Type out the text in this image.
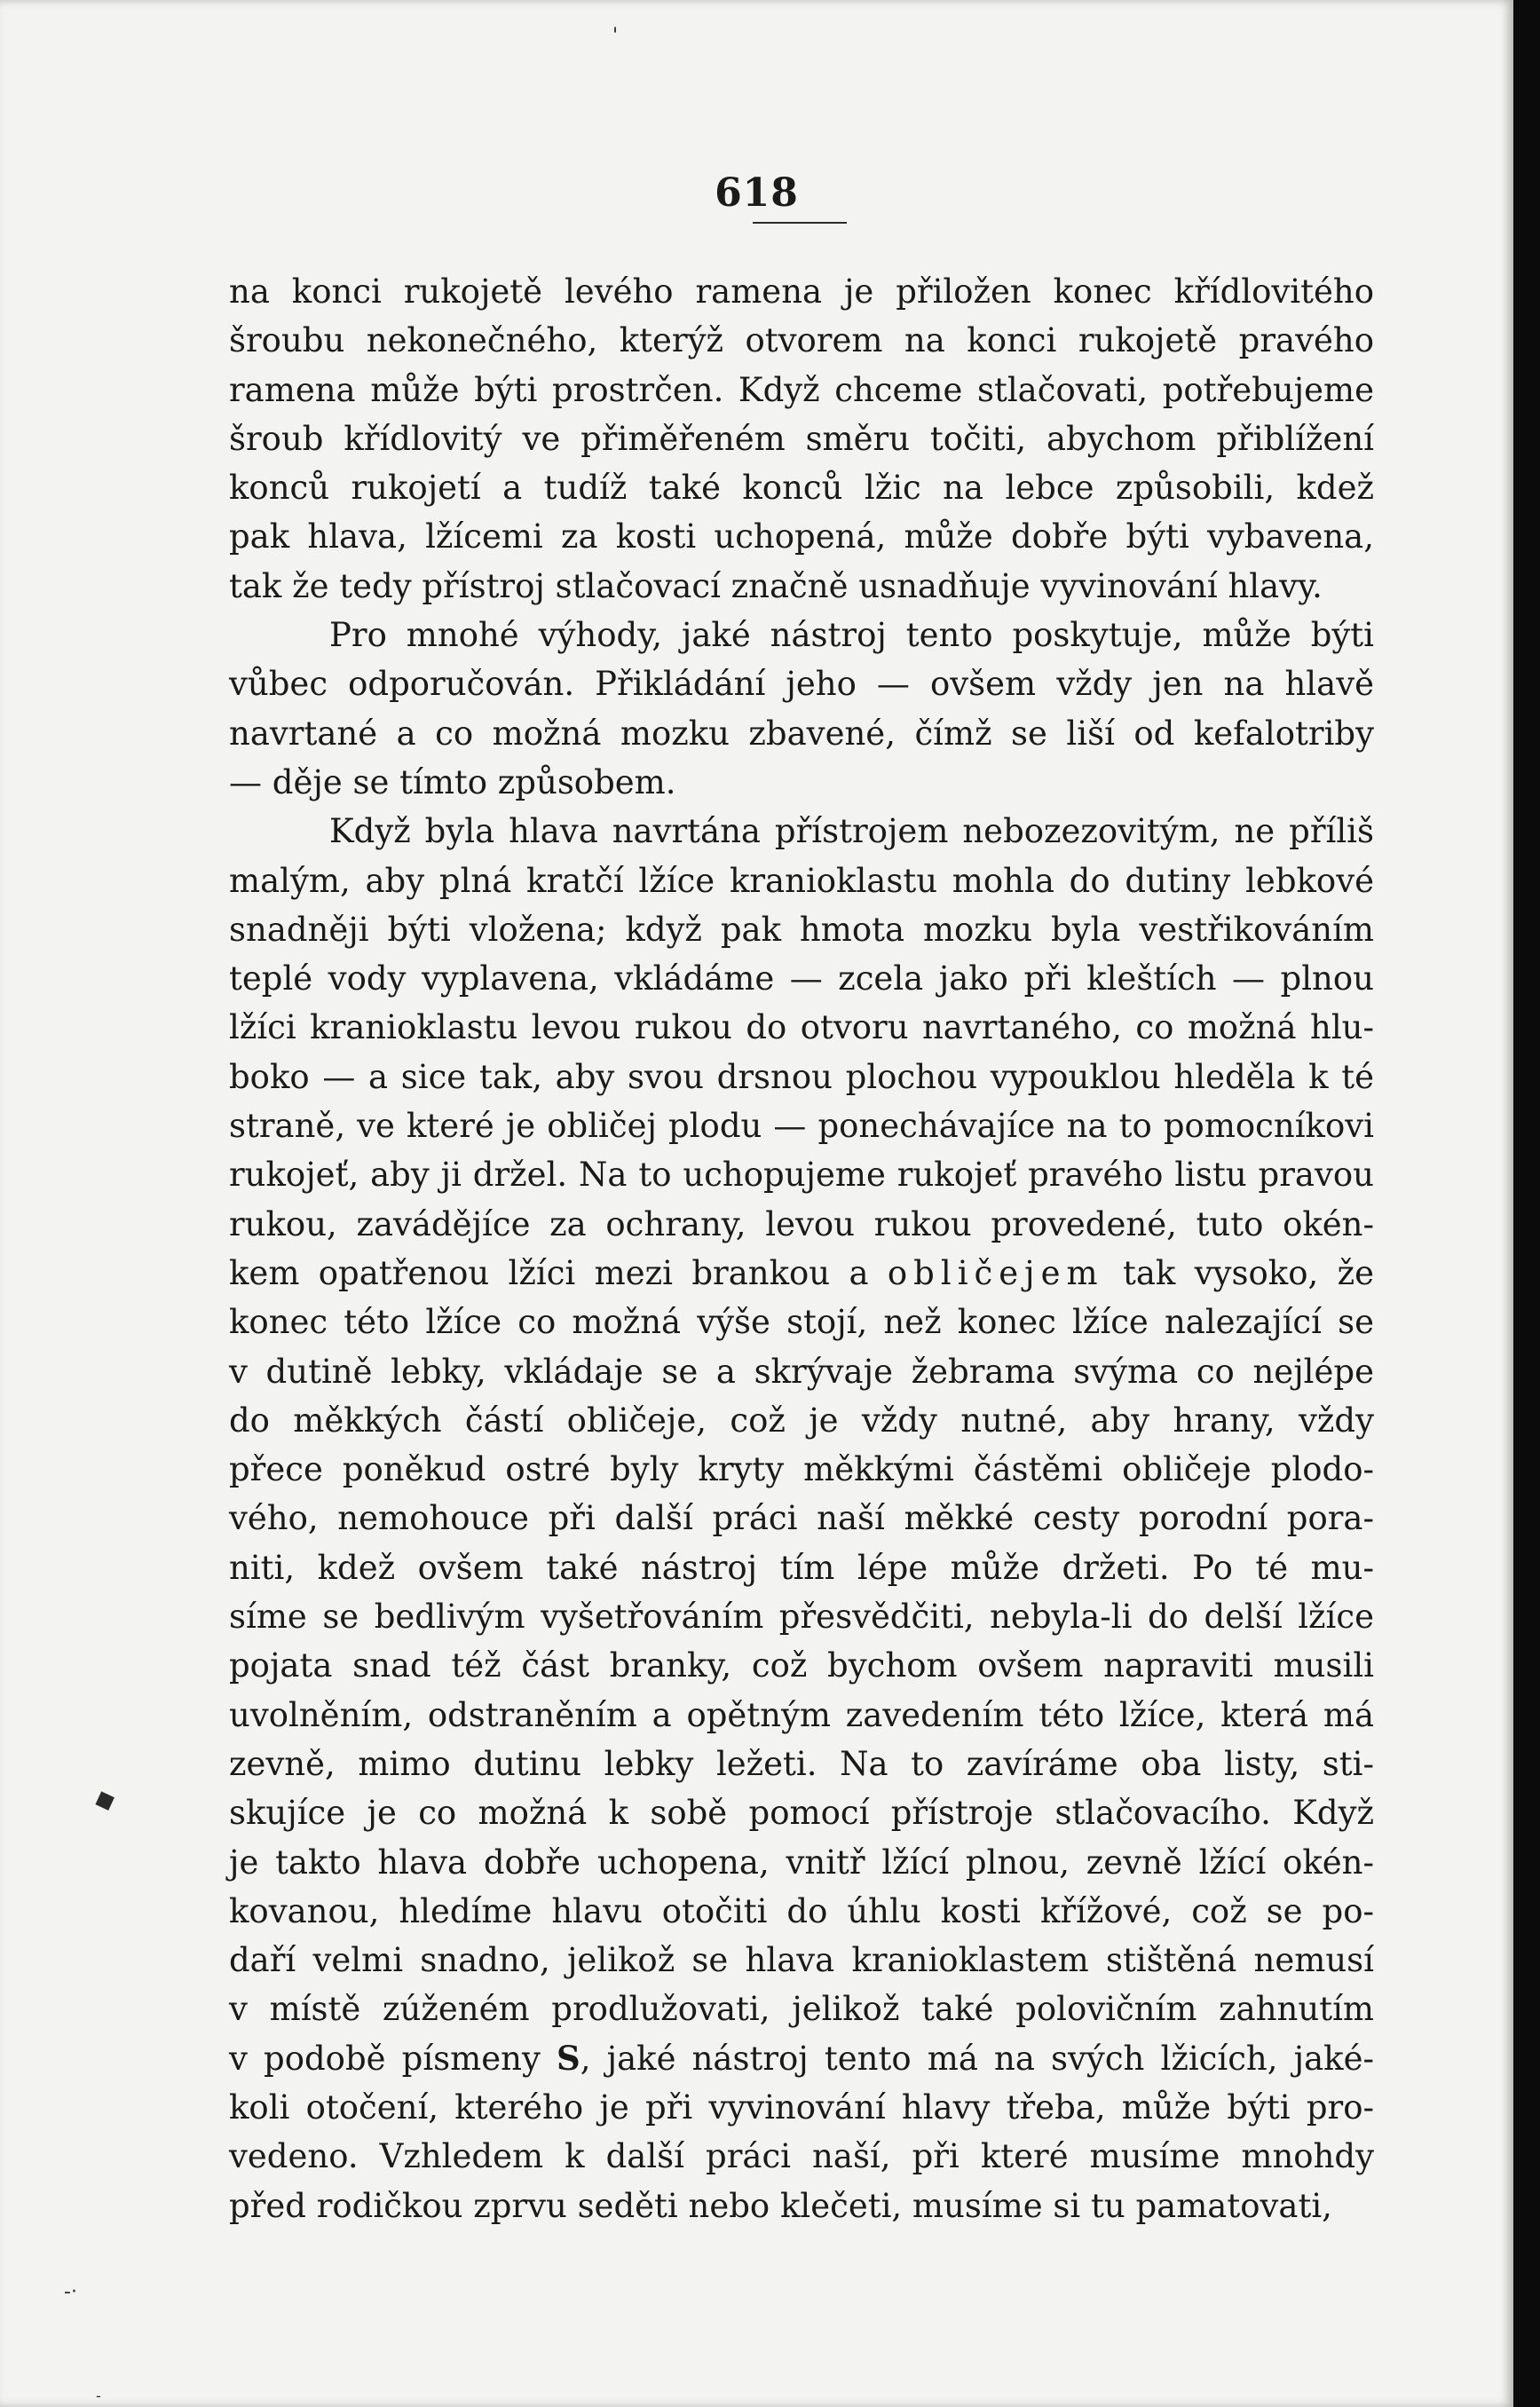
618
na konci rukojetě levého ramena je přiložen konec křídlovitého
šroubu nekonečného, kterýž otvorem na konci rukojetě pravého
ramena může býti prostrčen. Když chceme stlačovati, potřebujeme
šroub křídlovitý ve přiměřeném směru točiti, abychom přiblížení
konců rukojetí a tudíž také konců lžic na lebce způsobili, kdež
pak hlava, lžícemi za kosti uchopená, může dobře býti vybavena,
tak že tedy přístroj stlačovací značně usnadňuje vyvinování hlavy.
Pro mnohé výhody, jaké nástroj tento poskytuje, může býti
vůbec odporučován. Přikládání jeho — ovšem vždy jen na hlavě
navrtané a co možná mozku zbavené, čímž se liší od kefalotriby
— děje se tímto způsobem.
Když byla hlava navrtána přístrojem nebozezovitým, ne příliš
malým, aby plná kratčí lžíce kranioklastu mohla do dutiny lebkové
snadněji býti vložena; když pak hmota mozku byla vestřikováním
teplé vody vyplavena, vkládáme — zcela jako při kleštích — plnou
lžíci kranioklastu levou rukou do otvoru navrtaného, co možná hlu-
boko — a sice tak, aby svou drsnou plochou vypouklou hleděla k té
straně, ve které je obličej plodu — ponechávajíce na to pomocníkovi
rukojeť, aby ji držel. Na to uchopujeme rukojeť pravého listu pravou
rukou, zavádějíce za ochrany, levou rukou provedené, tuto okén-
kem opatřenou lžíci mezi brankou a obličejem tak vysoko, že
konec této lžíce co možná výše stojí, než konec lžíce nalezající se
v dutině lebky, vkládaje se a skrývaje žebrama svýma co nejlépe
do měkkých částí obličeje, což je vždy nutné, aby hrany, vždy
přece poněkud ostré byly kryty měkkými částěmi obličeje plodo-
vého, nemohouce při další práci naší měkké cesty porodní pora-
niti, kdež ovšem také nástroj tím lépe může držeti. Po té mu-
síme se bedlivým vyšetřováním přesvědčiti, nebyla-li do delší lžíce
pojata snad též část branky, což bychom ovšem napraviti musili
uvolněním, odstraněním a opětným zavedením této lžíce, která má
zevně, mimo dutinu lebky ležeti. Na to zavíráme oba listy, sti-
skujíce je co možná k sobě pomocí přístroje stlačovacího. Když
je takto hlava dobře uchopena, vnitř lžící plnou, zevně lžící okén-
kovanou, hledíme hlavu otočiti do úhlu kosti křížové, což se po-
daří velmi snadno, jelikož se hlava kranioklastem stištěná nemusí
v místě zúženém prodlužovati, jelikož také polovičním zahnutím
v podobě písmeny S, jaké nástroj tento má na svých lžicích, jaké-
koli otočení, kterého je při vyvinování hlavy třeba, může býti pro-
vedeno. Vzhledem k další práci naší, při které musíme mnohdy
před rodičkou zprvu seděti nebo klečeti, musíme si tu pamatovati,
'
◆
-·
-
